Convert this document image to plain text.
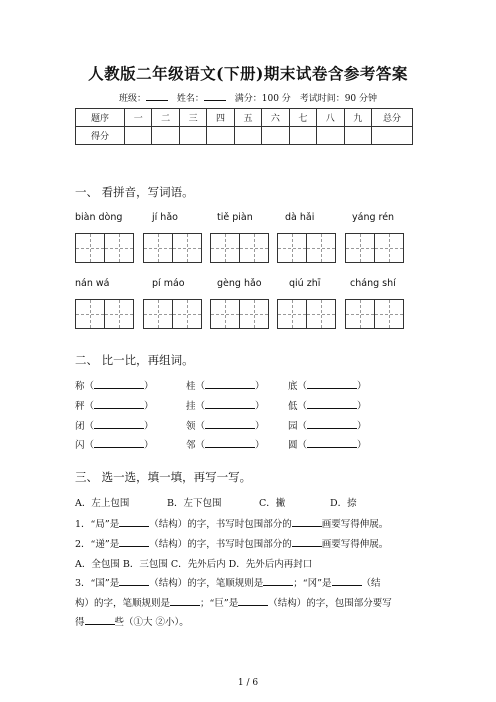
人教版二年级语文(下册)期末试卷含参考答案
班级：	姓名：	满分：100 分 考试时间：90 分钟
题序	一	二	三	四	五	六	七	八	九	总分
得分										
一、 看拼音，写词语。
biàn dòng	jí hǎo	tiě piàn	dà hǎi	yáng rén
nán wá	pí máo	gèng hǎo	qiú zhī	cháng shí
二、 比一比，再组词。
称（	）	桂（	） 底（	）
秤（	）	挂（	） 低（	）
闭（	）	领（	） 园（	）
闪（	）	邻（	） 圆（	）
三、 选一选，填一填，再写一写。
A．左上包围	B．左下包围	C．撇	D．捺
1．“局”是	（结构）的字，书写时包围部分的	画要写得伸展。
2．“递”是	（结构）的字，书写时包围部分的	画要写得伸展。
A．全包围 B．三包围 C．先外后内 D．先外后内再封口
3．“国”是	（结构）的字，笔顺规则是	；“冈”是	（结
构）的字，笔顺规则是	；“巨”是	（结构）的字，包围部分要写
得	些（①大 ②小）。
1 / 6
